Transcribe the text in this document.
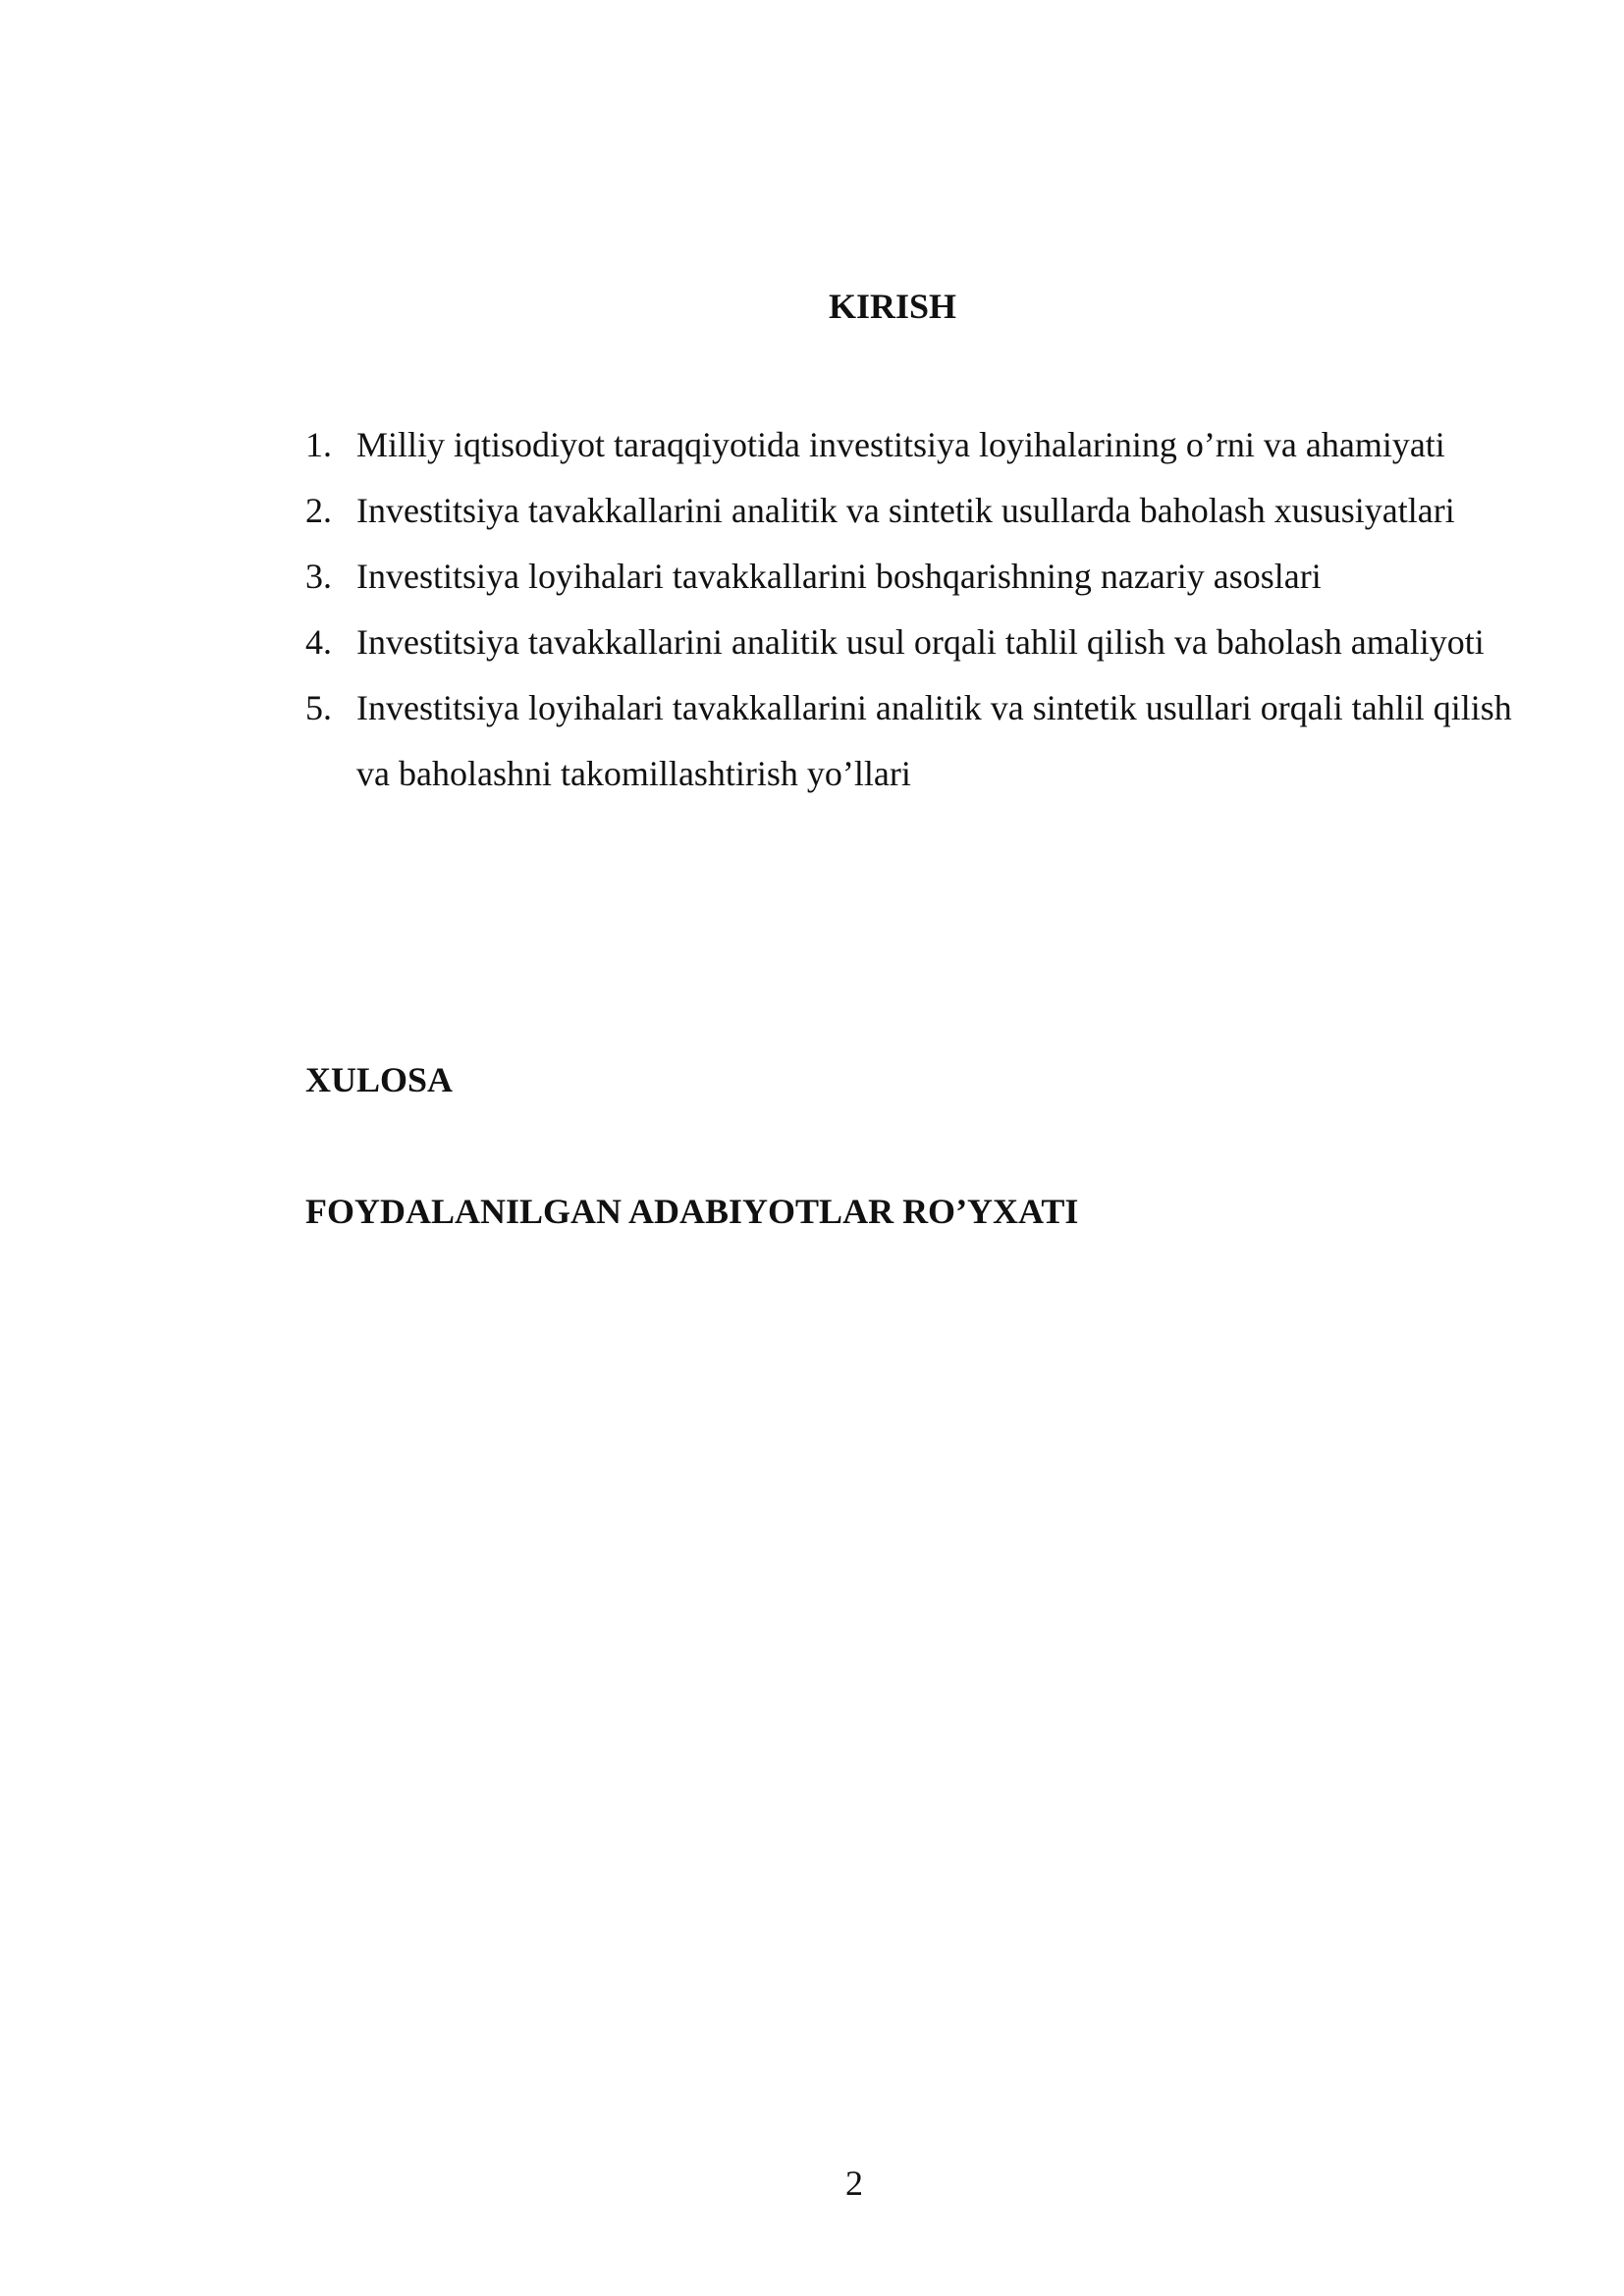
KIRISH
1. Milliy iqtisodiyot taraqqiyotida investitsiya loyihalarining o’rni va ahamiyati
2. Investitsiya tavakkallarini analitik va sintetik usullarda baholash xususiyatlari
3. Investitsiya loyihalari tavakkallarini boshqarishning nazariy asoslari
4. Investitsiya tavakkallarini analitik usul orqali tahlil qilish va baholash amaliyoti
5. Investitsiya loyihalari tavakkallarini analitik va sintetik usullari orqali tahlil qilish va baholashni takomillashtirish yo’llari
XULOSA
FOYDALANILGAN ADABIYOTLAR RO’YXATI
2
